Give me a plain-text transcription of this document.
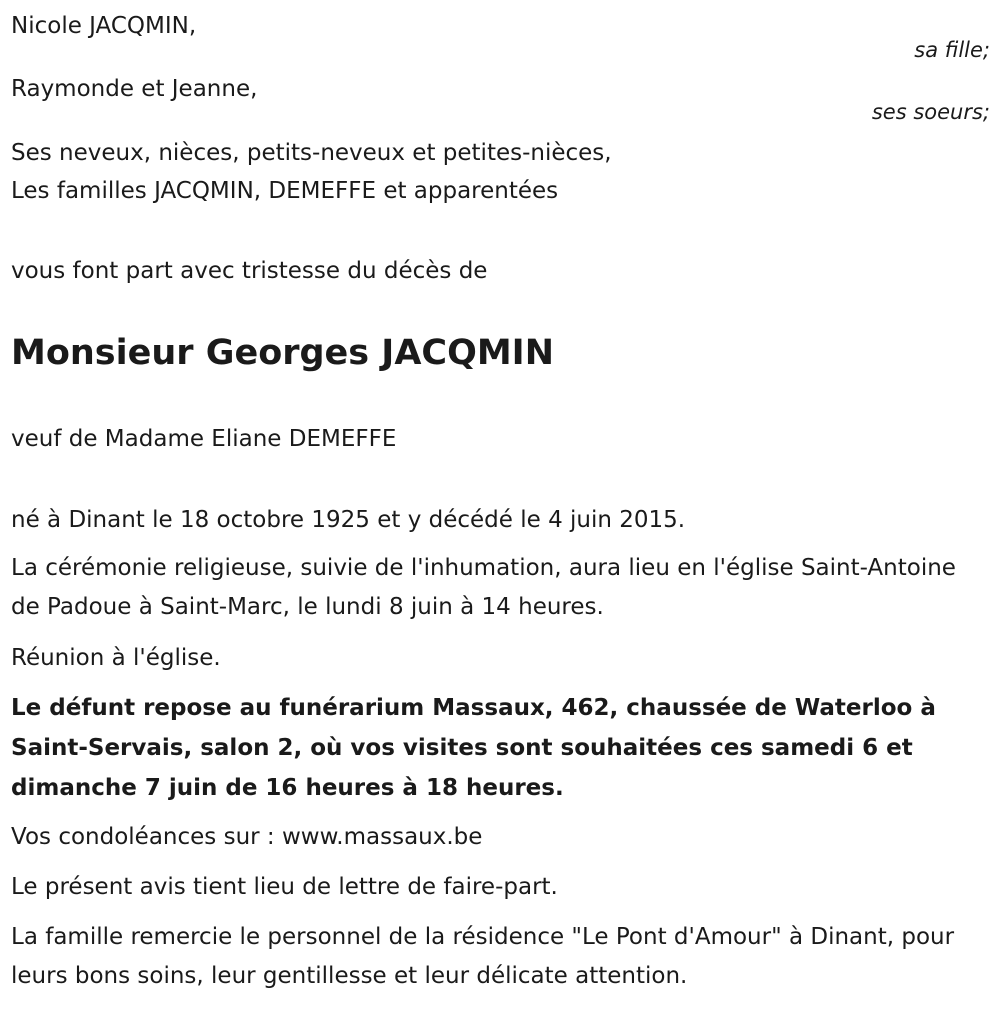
Nicole JACQMIN,
sa fille;
Raymonde et Jeanne,
ses soeurs;
Ses neveux, nièces, petits-neveux et petites-nièces,
Les familles JACQMIN, DEMEFFE et apparentées
vous font part avec tristesse du décès de
Monsieur Georges JACQMIN
veuf de Madame Eliane DEMEFFE
né à Dinant le 18 octobre 1925 et y décédé le 4 juin 2015.
La cérémonie religieuse, suivie de l'inhumation, aura lieu en l'église Saint-Antoine de Padoue à Saint-Marc, le lundi 8 juin à 14 heures.
Réunion à l'église.
Le défunt repose au funérarium Massaux, 462, chaussée de Waterloo à Saint-Servais, salon 2, où vos visites sont souhaitées ces samedi 6 et dimanche 7 juin de 16 heures à 18 heures.
Vos condoléances sur : www.massaux.be
Le présent avis tient lieu de lettre de faire-part.
La famille remercie le personnel de la résidence "Le Pont d'Amour" à Dinant, pour leurs bons soins, leur gentillesse et leur délicate attention.
